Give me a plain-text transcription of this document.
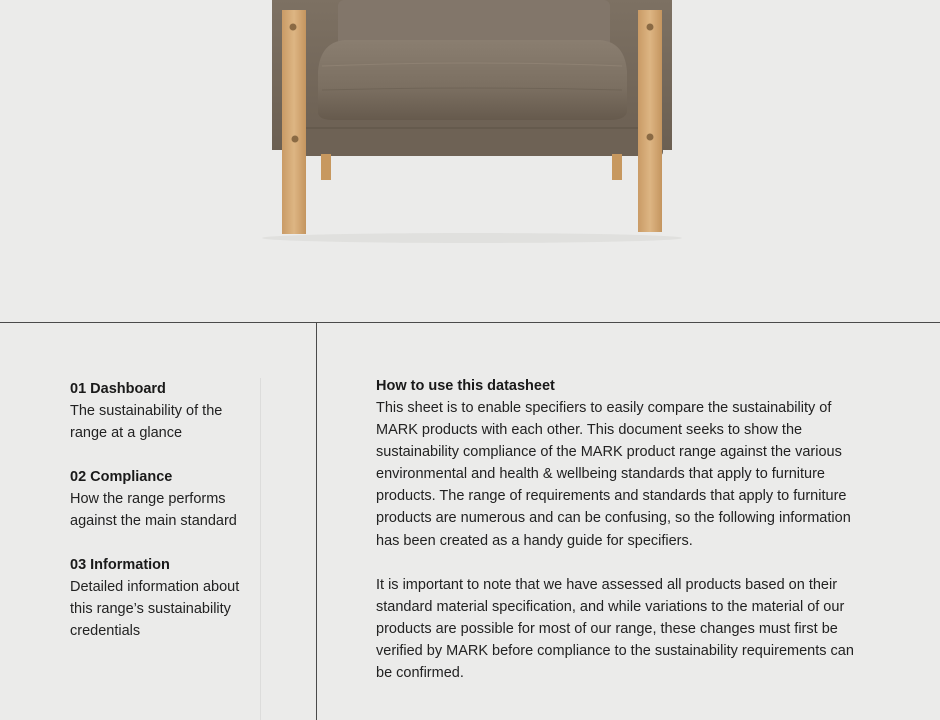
01 Dashboard

The sustainability of the range at a glance

02 Compliance

How the range performs against the main standard

03 Information

Detailed information about this range’s sustainability credentials

How to use this datasheet

This sheet is to enable specifiers to easily compare the sustainability of MARK products with each other. This document seeks to show the sustainability compliance of the MARK product range against the various environmental and health & wellbeing standards that apply to furniture products. The range of requirements and standards that apply to furniture products are numerous and can be confusing, so the following information has been created as a handy guide for specifiers.

It is important to note that we have assessed all products based on their standard material specification, and while variations to the material of our products are possible for most of our range, these changes must first be verified by MARK before compliance to the sustainability requirements can be confirmed.
